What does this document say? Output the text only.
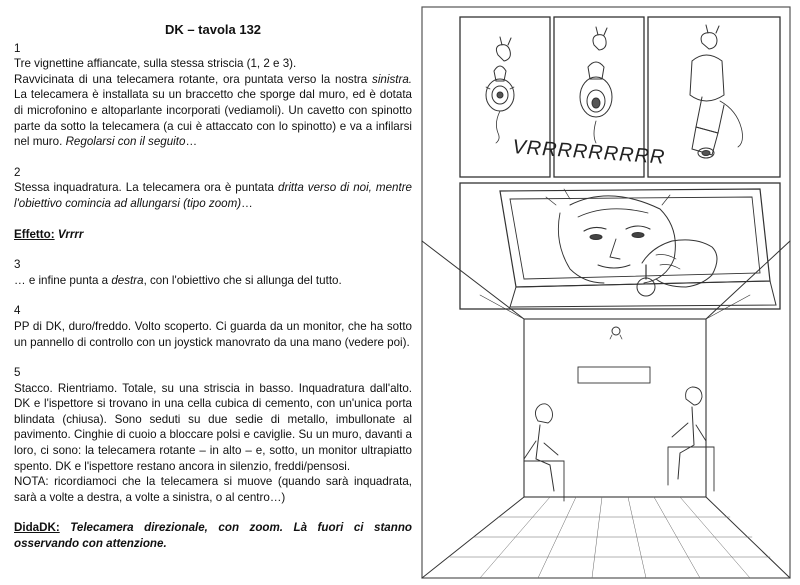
DK – tavola 132

1

Tre vignettine affiancate, sulla stessa striscia (1, 2 e 3).

Ravvicinata di una telecamera rotante, ora puntata verso la nostra sinistra. La telecamera è installata su un braccetto che sporge dal muro, ed è dotata di microfonino e altoparlante incorporati (vediamoli). Un cavetto con spinotto parte da sotto la telecamera (a cui è attaccato con lo spinotto) e va a infilarsi nel muro. Regolarsi con il seguito…

2

Stessa inquadratura. La telecamera ora è puntata dritta verso di noi, mentre l'obiettivo comincia ad allungarsi (tipo zoom)…

Effetto: Vrrrr

3

… e infine punta a destra, con l'obiettivo che si allunga del tutto.

4

PP di DK, duro/freddo. Volto scoperto. Ci guarda da un monitor, che ha sotto un pannello di controllo con un joystick manovrato da una mano (vedere poi).

5

Stacco. Rientriamo. Totale, su una striscia in basso. Inquadratura dall'alto. DK e l'ispettore si trovano in una cella cubica di cemento, con un'unica porta blindata (chiusa). Sono seduti su due sedie di metallo, imbullonate al pavimento. Cinghie di cuoio a bloccare polsi e caviglie. Su un muro, davanti a loro, ci sono: la telecamera rotante – in alto – e, sotto, un monitor ultrapiatto spento. DK e l'ispettore restano ancora in silenzio, freddi/pensosi.

NOTA: ricordiamoci che la telecamera si muove (quando sarà inquadrata, sarà a volte a destra, a volte a sinistra, o al centro…)

DidaDK: Telecamera direzionale, con zoom. Là fuori ci stanno osservando con attenzione.

VRRRRRRRRR
